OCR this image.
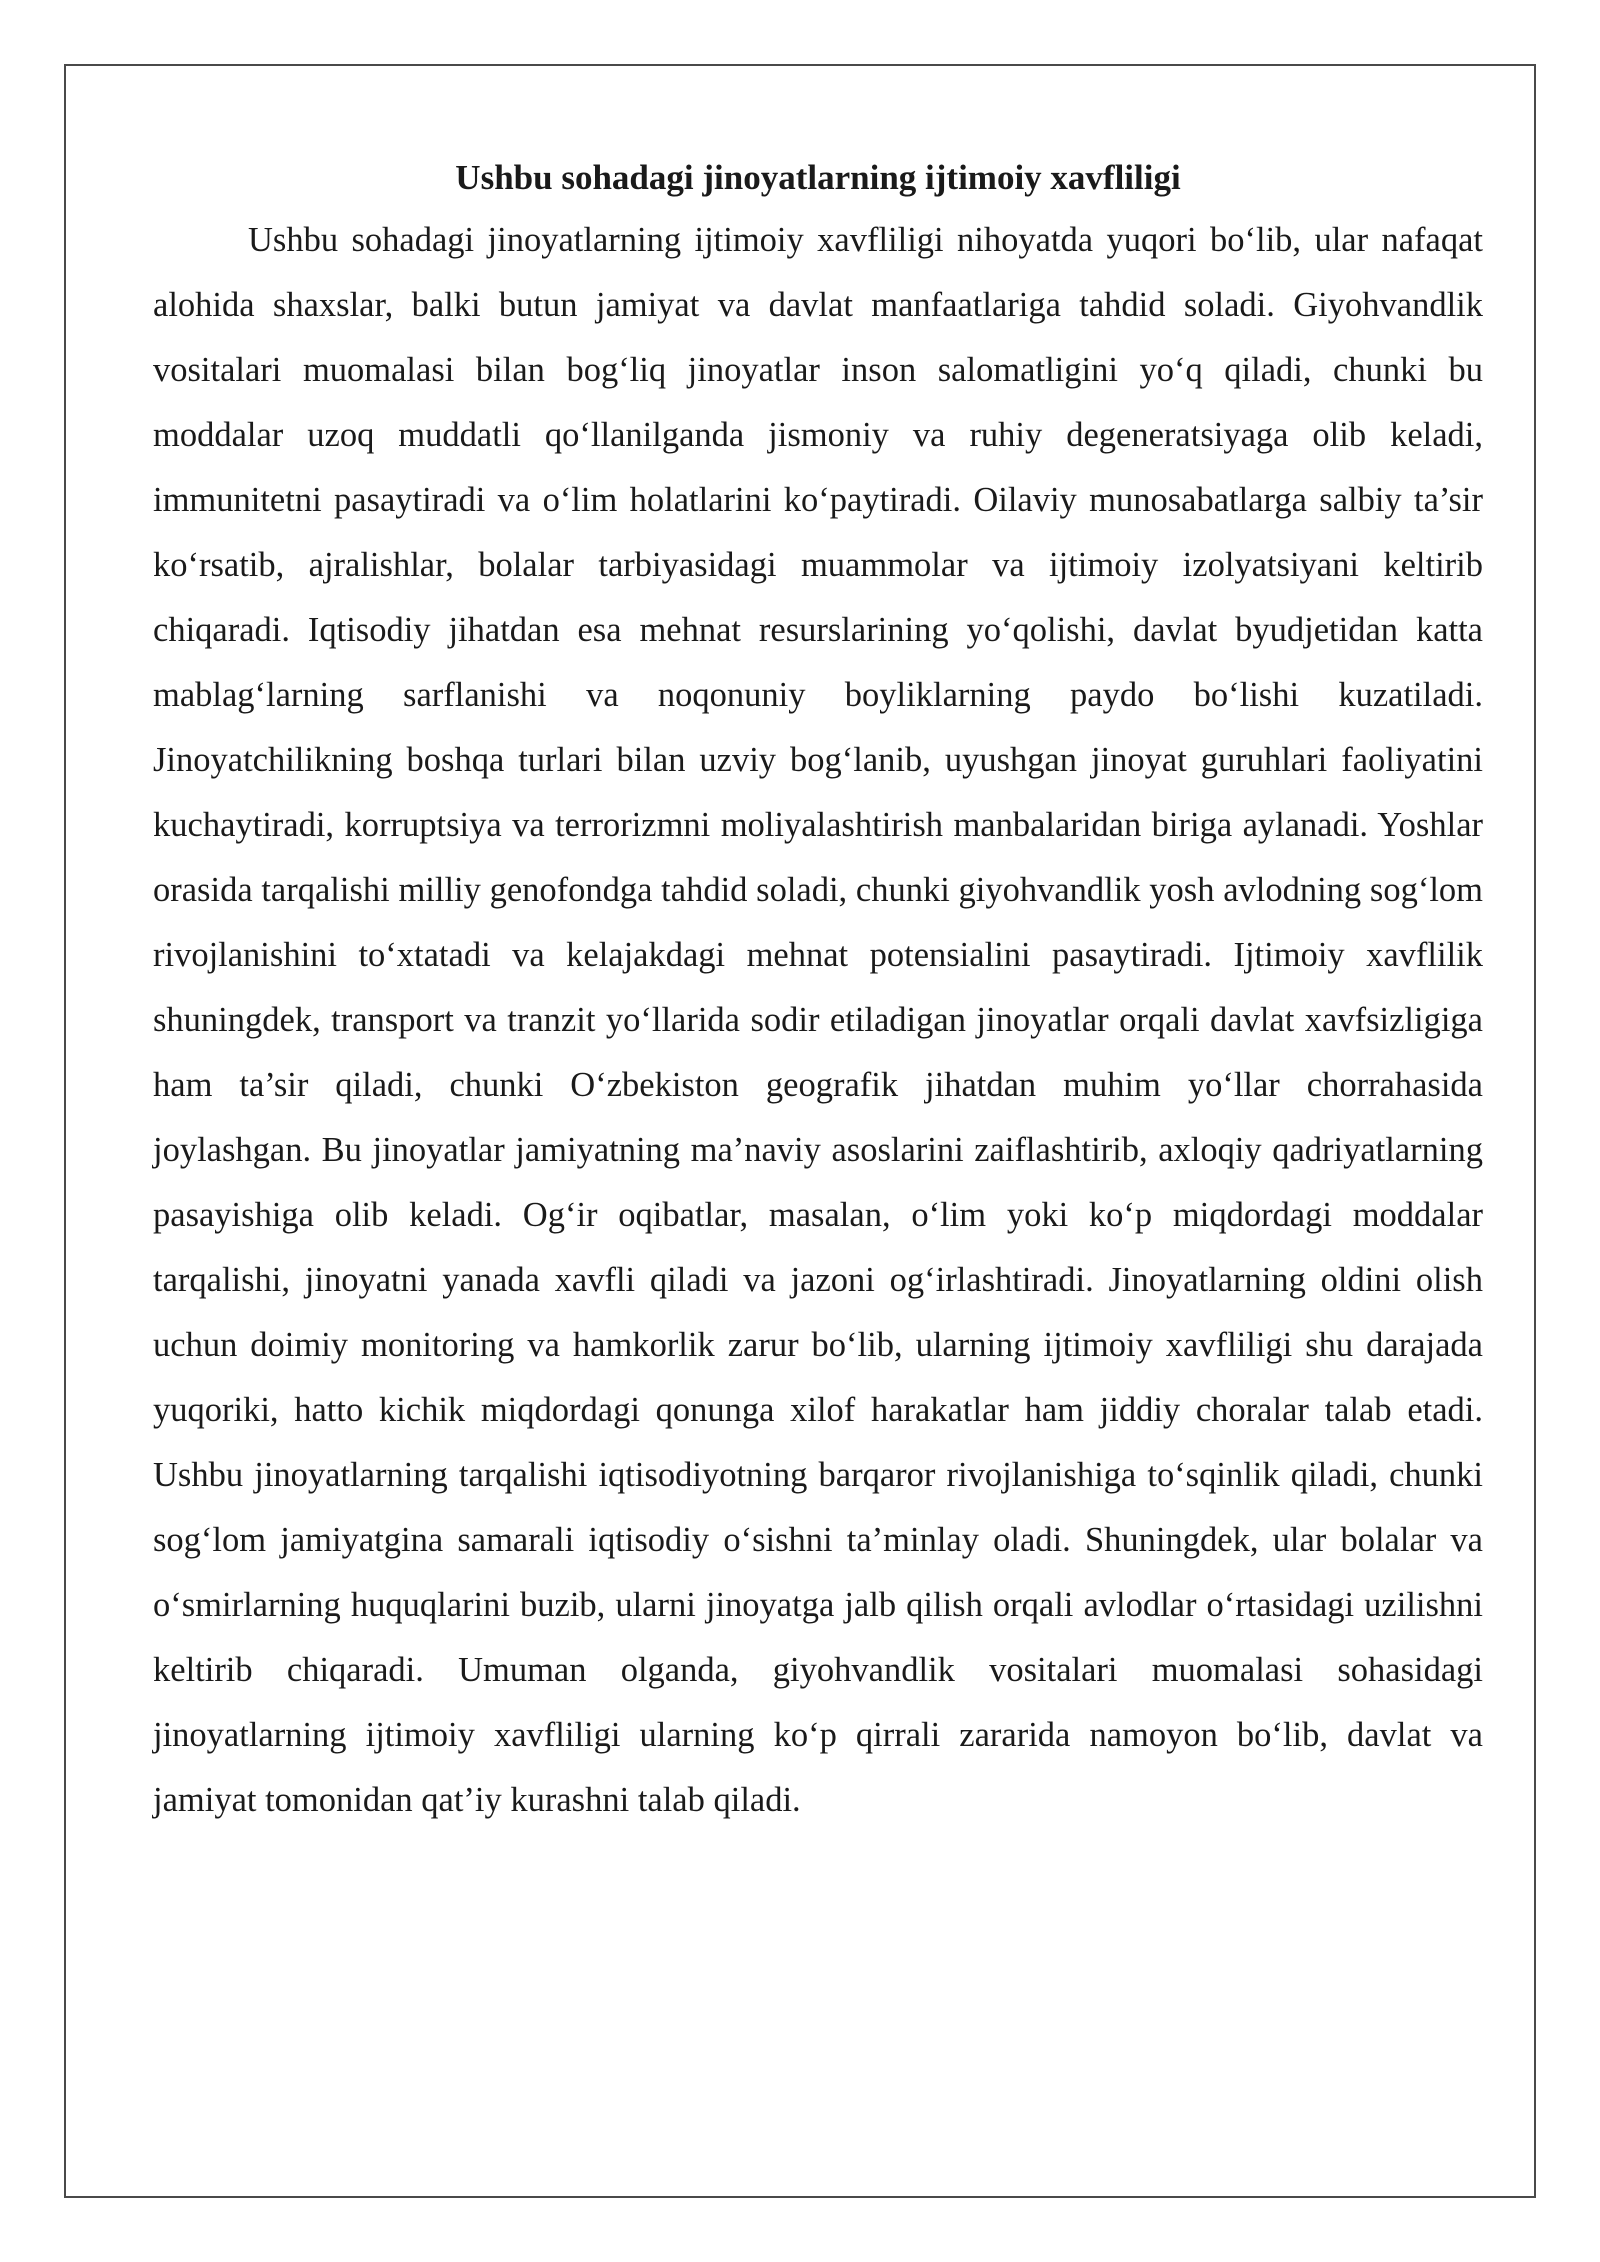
Ushbu sohadagi jinoyatlarning ijtimoiy xavfliligi

Ushbu sohadagi jinoyatlarning ijtimoiy xavfliligi nihoyatda yuqori bo‘lib, ular nafaqat alohida shaxslar, balki butun jamiyat va davlat manfaatlariga tahdid soladi. Giyohvandlik vositalari muomalasi bilan bog‘liq jinoyatlar inson salomatligini yo‘q qiladi, chunki bu moddalar uzoq muddatli qo‘llanilganda jismoniy va ruhiy degeneratsiyaga olib keladi, immunitetni pasaytiradi va o‘lim holatlarini ko‘paytiradi. Oilaviy munosabatlarga salbiy ta’sir ko‘rsatib, ajralishlar, bolalar tarbiyasidagi muammolar va ijtimoiy izolyatsiyani keltirib chiqaradi. Iqtisodiy jihatdan esa mehnat resurslarining yo‘qolishi, davlat byudjetidan katta mablag‘larning sarflanishi va noqonuniy boyliklarning paydo bo‘lishi kuzatiladi. Jinoyatchilikning boshqa turlari bilan uzviy bog‘lanib, uyushgan jinoyat guruhlari faoliyatini kuchaytiradi, korruptsiya va terrorizmni moliyalashtirish manbalaridan biriga aylanadi. Yoshlar orasida tarqalishi milliy genofondga tahdid soladi, chunki giyohvandlik yosh avlodning sog‘lom rivojlanishini to‘xtatadi va kelajakdagi mehnat potensialini pasaytiradi. Ijtimoiy xavflilik shuningdek, transport va tranzit yo‘llarida sodir etiladigan jinoyatlar orqali davlat xavfsizligiga ham ta’sir qiladi, chunki O‘zbekiston geografik jihatdan muhim yo‘llar chorrahasida joylashgan. Bu jinoyatlar jamiyatning ma’naviy asoslarini zaiflashtirib, axloqiy qadriyatlarning pasayishiga olib keladi. Og‘ir oqibatlar, masalan, o‘lim yoki ko‘p miqdordagi moddalar tarqalishi, jinoyatni yanada xavfli qiladi va jazoni og‘irlashtiradi. Jinoyatlarning oldini olish uchun doimiy monitoring va hamkorlik zarur bo‘lib, ularning ijtimoiy xavfliligi shu darajada yuqoriki, hatto kichik miqdordagi qonunga xilof harakatlar ham jiddiy choralar talab etadi. Ushbu jinoyatlarning tarqalishi iqtisodiyotning barqaror rivojlanishiga to‘sqinlik qiladi, chunki sog‘lom jamiyatgina samarali iqtisodiy o‘sishni ta’minlay oladi. Shuningdek, ular bolalar va o‘smirlarning huquqlarini buzib, ularni jinoyatga jalb qilish orqali avlodlar o‘rtasidagi uzilishni keltirib chiqaradi. Umuman olganda, giyohvandlik vositalari muomalasi sohasidagi jinoyatlarning ijtimoiy xavfliligi ularning ko‘p qirrali zararida namoyon bo‘lib, davlat va jamiyat tomonidan qat’iy kurashni talab qiladi.
